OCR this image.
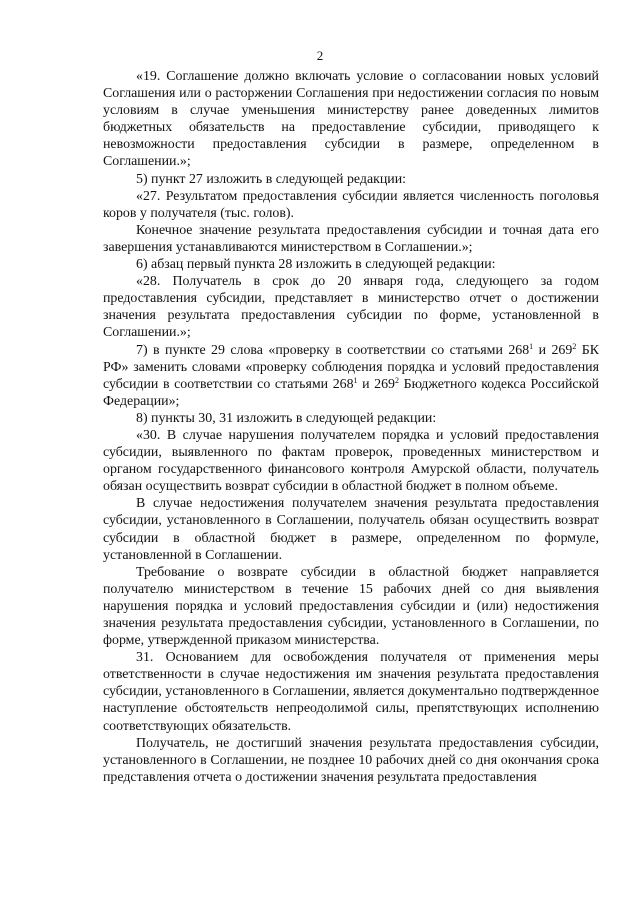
2

«19. Соглашение должно включать условие о согласовании новых условий Соглашения или о расторжении Соглашения при недостижении согласия по новым условиям в случае уменьшения министерству ранее доведенных лимитов бюджетных обязательств на предоставление субсидии, приводящего к невозможности предоставления субсидии в размере, определенном в Соглашении.»;

5) пункт 27 изложить в следующей редакции:

«27. Результатом предоставления субсидии является численность поголовья коров у получателя (тыс. голов).

Конечное значение результата предоставления субсидии и точная дата его завершения устанавливаются министерством в Соглашении.»;

6) абзац первый пункта 28 изложить в следующей редакции:

«28. Получатель в срок до 20 января года, следующего за годом предоставления субсидии, представляет в министерство отчет о достижении значения результата предоставления субсидии по форме, установленной в Соглашении.»;

7) в пункте 29 слова «проверку в соответствии со статьями $268^1$ и $269^2$ БК РФ» заменить словами «проверку соблюдения порядка и условий предоставления субсидии в соответствии со статьями $268^1$ и $269^2$ Бюджетного кодекса Российской Федерации»;

8) пункты 30, 31 изложить в следующей редакции:

«30. В случае нарушения получателем порядка и условий предоставления субсидии, выявленного по фактам проверок, проведенных министерством и органом государственного финансового контроля Амурской области, получатель обязан осуществить возврат субсидии в областной бюджет в полном объеме.

В случае недостижения получателем значения результата предоставления субсидии, установленного в Соглашении, получатель обязан осуществить возврат субсидии в областной бюджет в размере, определенном по формуле, установленной в Соглашении.

Требование о возврате субсидии в областной бюджет направляется получателю министерством в течение 15 рабочих дней со дня выявления нарушения порядка и условий предоставления субсидии и (или) недостижения значения результата предоставления субсидии, установленного в Соглашении, по форме, утвержденной приказом министерства.

31. Основанием для освобождения получателя от применения меры ответственности в случае недостижения им значения результата предоставления субсидии, установленного в Соглашении, является документально подтвержденное наступление обстоятельств непреодолимой силы, препятствующих исполнению соответствующих обязательств.

Получатель, не достигший значения результата предоставления субсидии, установленного в Соглашении, не позднее 10 рабочих дней со дня окончания срока представления отчета о достижении значения результата предоставления
